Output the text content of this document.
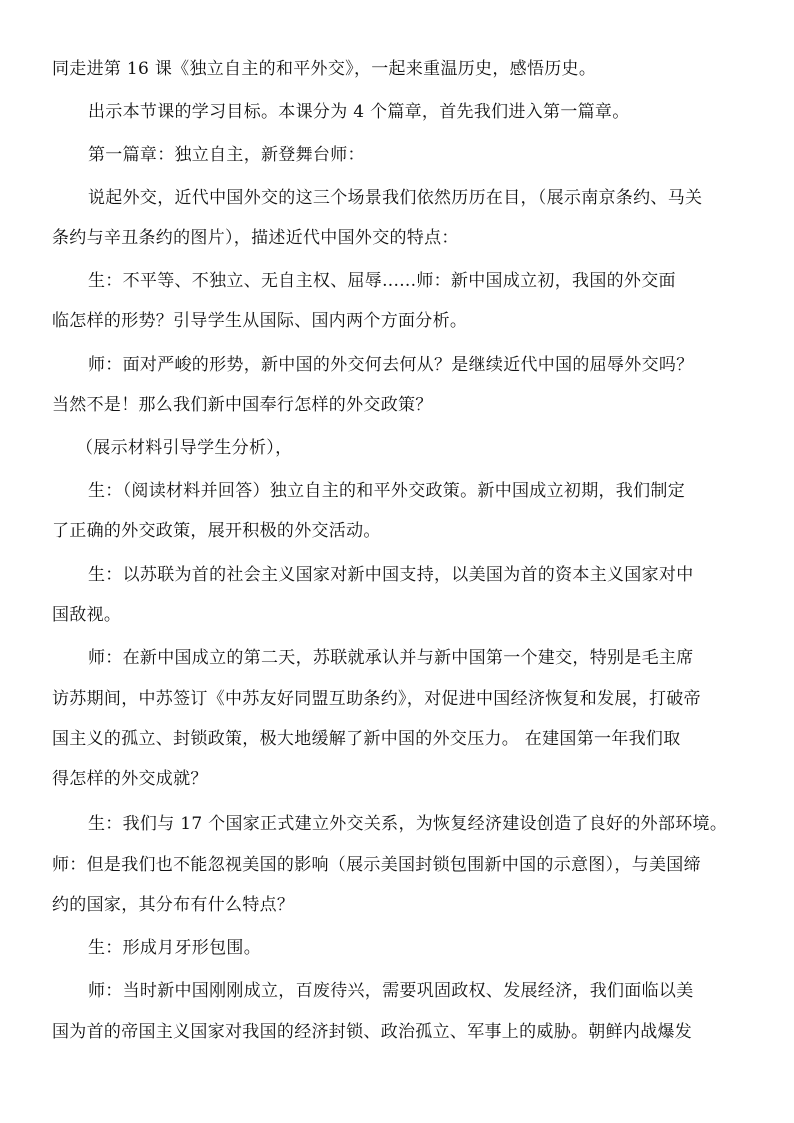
同走进第 16 课《独立自主的和平外交》，一起来重温历史，感悟历史。
出示本节课的学习目标。本课分为 4 个篇章，首先我们进入第一篇章。
第一篇章：独立自主，新登舞台师：
说起外交，近代中国外交的这三个场景我们依然历历在目，（展示南京条约、马关
条约与辛丑条约的图片），描述近代中国外交的特点：
生：不平等、不独立、无自主权、屈辱......师：新中国成立初，我国的外交面
临怎样的形势？引导学生从国际、国内两个方面分析。
师：面对严峻的形势，新中国的外交何去何从？是继续近代中国的屈辱外交吗？
当然不是！那么我们新中国奉行怎样的外交政策？
（展示材料引导学生分析），
生：（阅读材料并回答）独立自主的和平外交政策。新中国成立初期，我们制定
了正确的外交政策，展开积极的外交活动。
生：以苏联为首的社会主义国家对新中国支持，以美国为首的资本主义国家对中
国敌视。
师：在新中国成立的第二天，苏联就承认并与新中国第一个建交，特别是毛主席
访苏期间，中苏签订《中苏友好同盟互助条约》，对促进中国经济恢复和发展，打破帝
国主义的孤立、封锁政策，极大地缓解了新中国的外交压力。 在建国第一年我们取
得怎样的外交成就？
生：我们与 17 个国家正式建立外交关系，为恢复经济建设创造了良好的外部环境。
师：但是我们也不能忽视美国的影响（展示美国封锁包围新中国的示意图），与美国缔
约的国家，其分布有什么特点？
生：形成月牙形包围。
师：当时新中国刚刚成立，百废待兴，需要巩固政权、发展经济，我们面临以美
国为首的帝国主义国家对我国的经济封锁、政治孤立、军事上的威胁。朝鲜内战爆发
